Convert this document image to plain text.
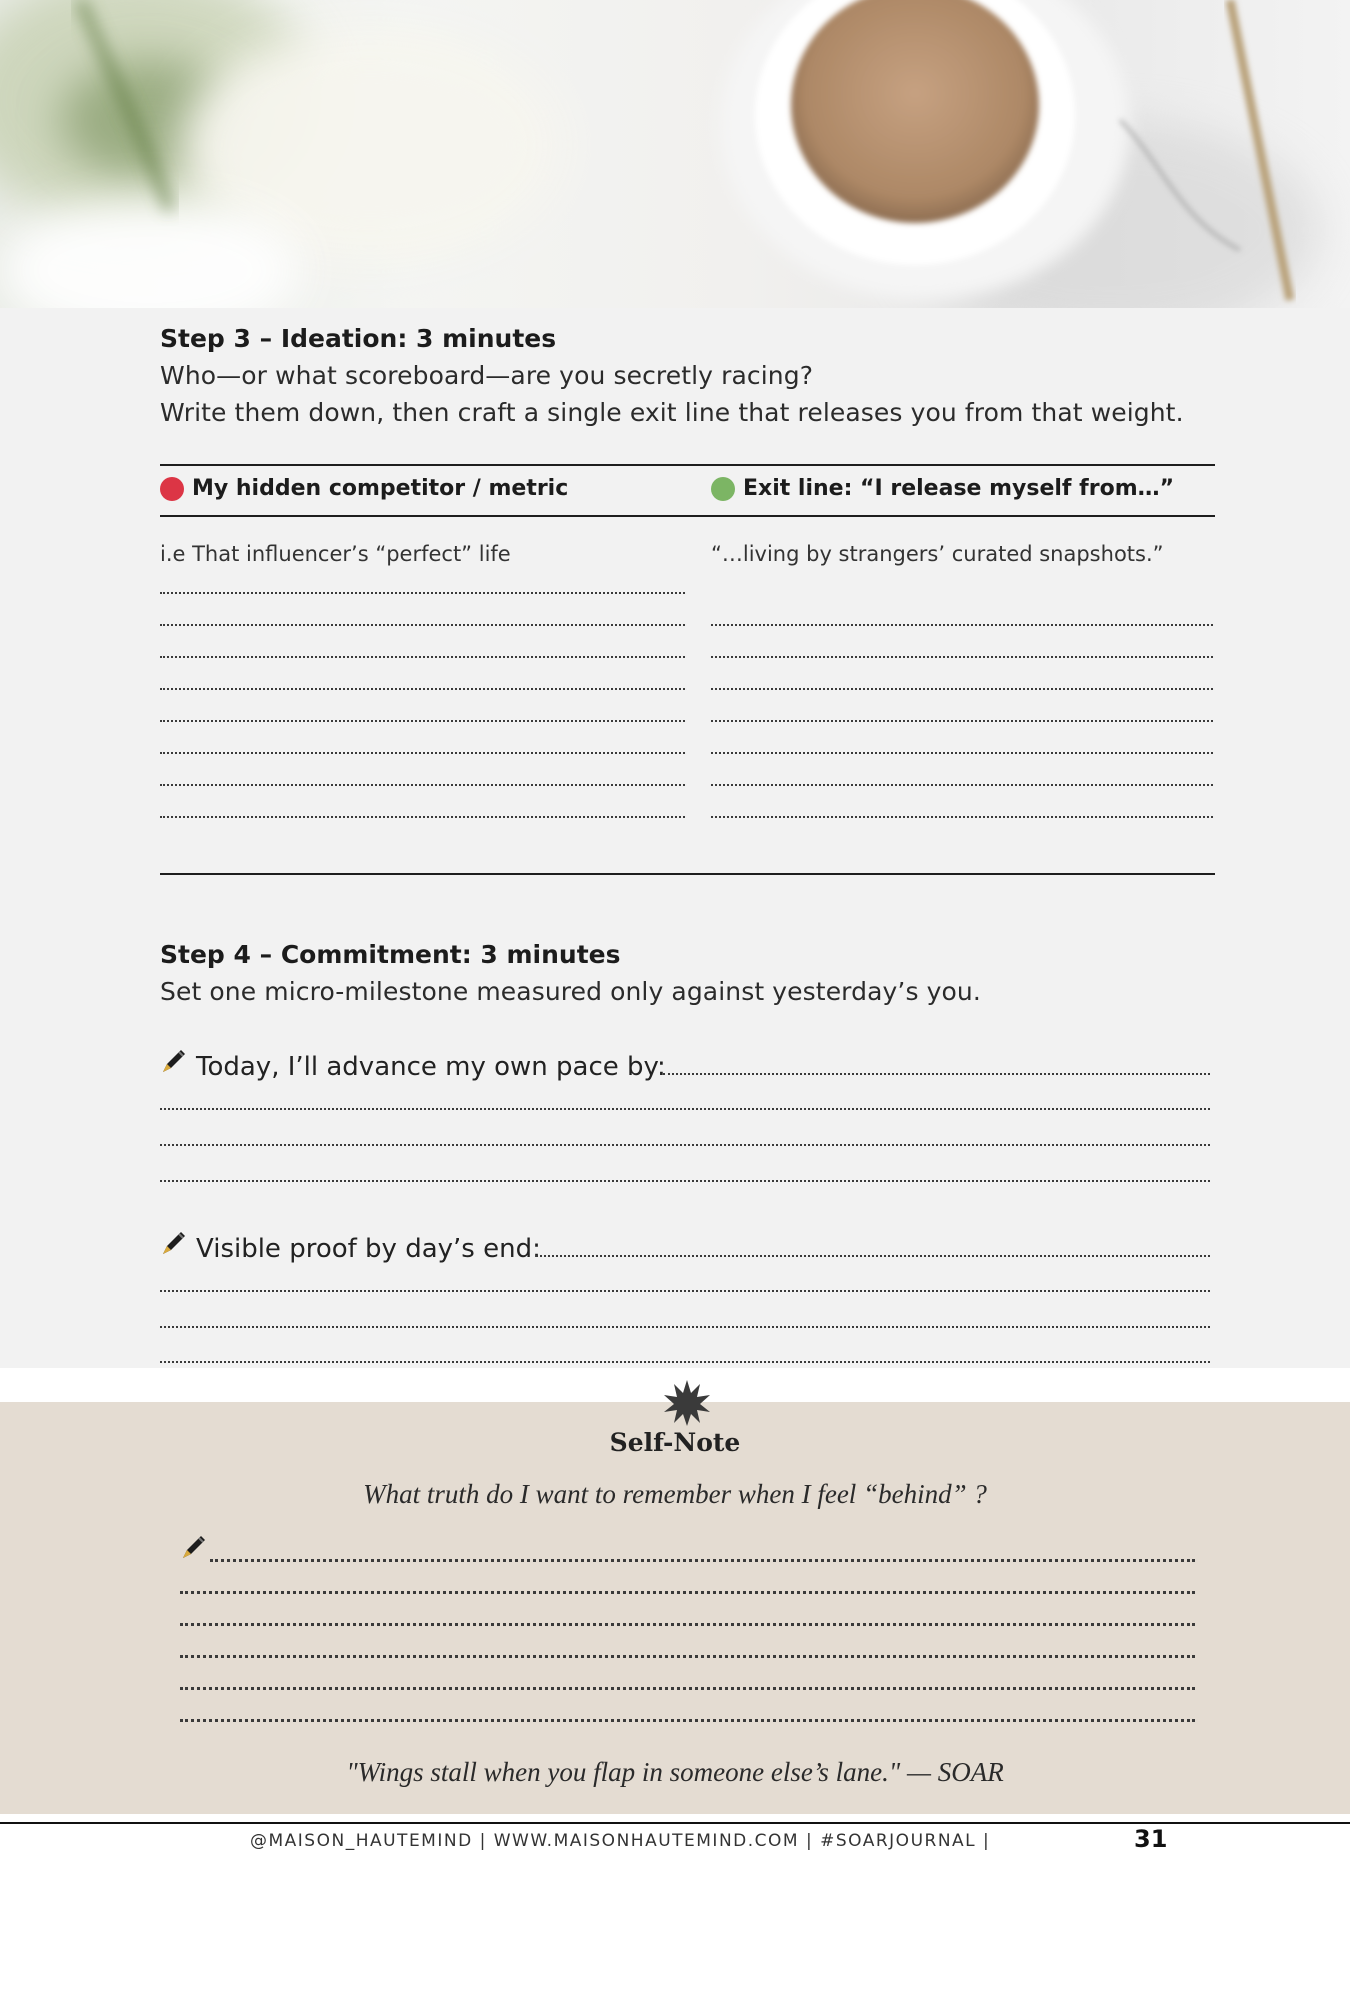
Step 3 – Ideation: 3 minutes
Who—or what scoreboard—are you secretly racing?
Write them down, then craft a single exit line that releases you from that weight.
My hidden competitor / metric	Exit line: “I release myself from…”
i.e That influencer’s “perfect” life	“…living by strangers’ curated snapshots.”
Step 4 – Commitment: 3 minutes
Set one micro-milestone measured only against yesterday’s you.
Today, I’ll advance my own pace by:
Visible proof by day’s end:
Self-Note
What truth do I want to remember when I feel “behind” ?
"Wings stall when you flap in someone else’s lane." — SOAR
@MAISON_HAUTEMIND | WWW.MAISONHAUTEMIND.COM | #SOARJOURNAL |	31
